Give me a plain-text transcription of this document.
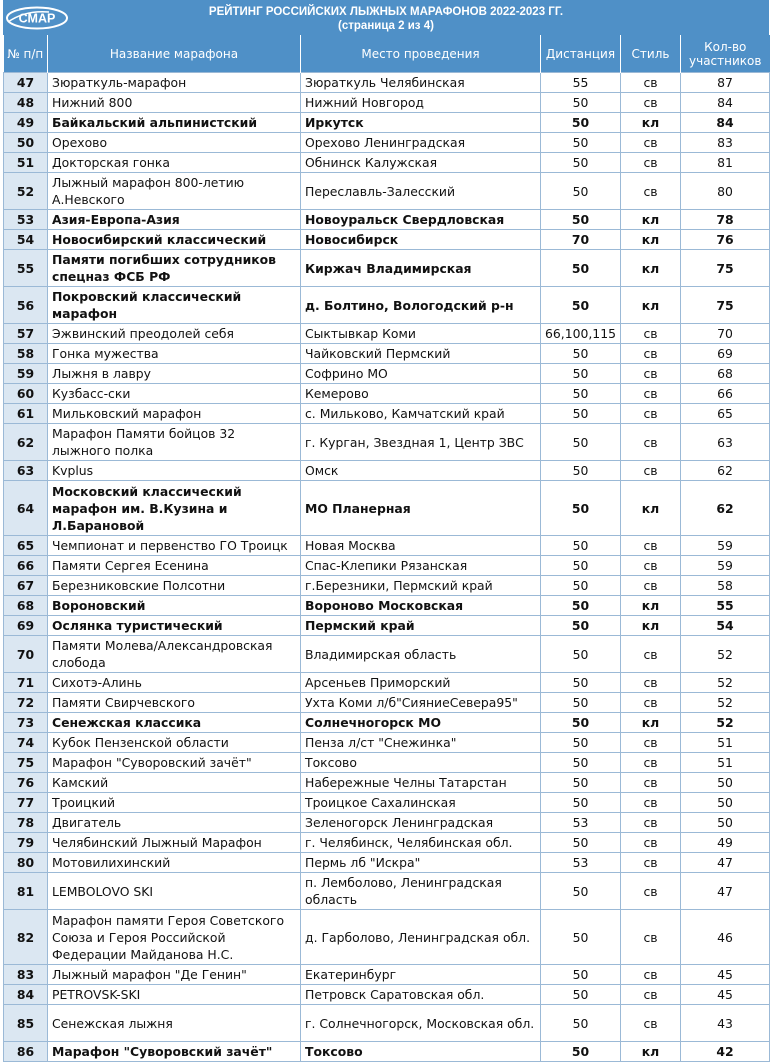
СМАР	РЕЙТИНГ РОССИЙСКИХ ЛЫЖНЫХ МАРАФОНОВ 2022-2023 ГГ.
(страница 2 из 4)
№ п/п	Название марафона	Место проведения	Дистанция	Стиль	Кол-во участников
47	Зюраткуль-марафон	Зюраткуль Челябинская	55	св	87
48	Нижний 800	Нижний Новгород	50	св	84
49	Байкальский альпинистский	Иркутск	50	кл	84
50	Орехово	Орехово Ленинградская	50	св	83
51	Докторская гонка	Обнинск Калужская	50	св	81
52	Лыжный марафон 800-летию А.Невского	Переславль-Залесский	50	св	80
53	Азия-Европа-Азия	Новоуральск Свердловская	50	кл	78
54	Новосибирский классический	Новосибирск	70	кл	76
55	Памяти погибших сотрудников спецназ ФСБ РФ	Киржач Владимирская	50	кл	75
56	Покровский классический марафон	д. Болтино, Вологодский р-н	50	кл	75
57	Эжвинский преодолей себя	Сыктывкар Коми	66,100,115	св	70
58	Гонка мужества	Чайковский Пермский	50	св	69
59	Лыжня в лавру	Софрино МО	50	св	68
60	Кузбасс-ски	Кемерово	50	св	66
61	Мильковский марафон	с. Мильково, Камчатский край	50	св	65
62	Марафон Памяти бойцов 32 лыжного полка	г. Курган, Звездная 1, Центр ЗВС	50	св	63
63	Kvplus	Омск	50	св	62
64	Московский классический марафон им. В.Кузина и Л.Барановой	МО Планерная	50	кл	62
65	Чемпионат и первенство ГО Троицк	Новая Москва	50	св	59
66	Памяти Сергея Есенина	Спас-Клепики Рязанская	50	св	59
67	Березниковские Полсотни	г.Березники, Пермский край	50	св	58
68	Вороновский	Вороново Московская	50	кл	55
69	Ослянка туристический	Пермский край	50	кл	54
70	Памяти Молева/Александровская слобода	Владимирская область	50	св	52
71	Сихотэ-Алинь	Арсеньев Приморский	50	св	52
72	Памяти Свирчевского	Ухта Коми л/б"СияниеСевера95"	50	св	52
73	Сенежская классика	Солнечногорск МО	50	кл	52
74	Кубок Пензенской области	Пенза л/ст "Снежинка"	50	св	51
75	Марафон "Суворовский зачёт"	Токсово	50	св	51
76	Камский	Набережные Челны Татарстан	50	св	50
77	Троицкий	Троицкое Сахалинская	50	св	50
78	Двигатель	Зеленогорск Ленинградская	53	св	50
79	Челябинский Лыжный Марафон	г. Челябинск, Челябинская обл.	50	св	49
80	Мотовилихинский	Пермь лб "Искра"	53	св	47
81	LEMBOLOVO SKI	п. Лемболово, Ленинградская область	50	св	47
82	Марафон памяти Героя Советского Союза и Героя Российской Федерации Майданова Н.С.	д. Гарболово, Ленинградская обл.	50	св	46
83	Лыжный марафон "Де Генин"	Екатеринбург	50	св	45
84	PETROVSK-SKI	Петровск Саратовская обл.	50	св	45
85	Сенежская лыжня	г. Солнечногорск, Московская обл.	50	св	43
86	Марафон "Суворовский зачёт"	Токсово	50	кл	42
